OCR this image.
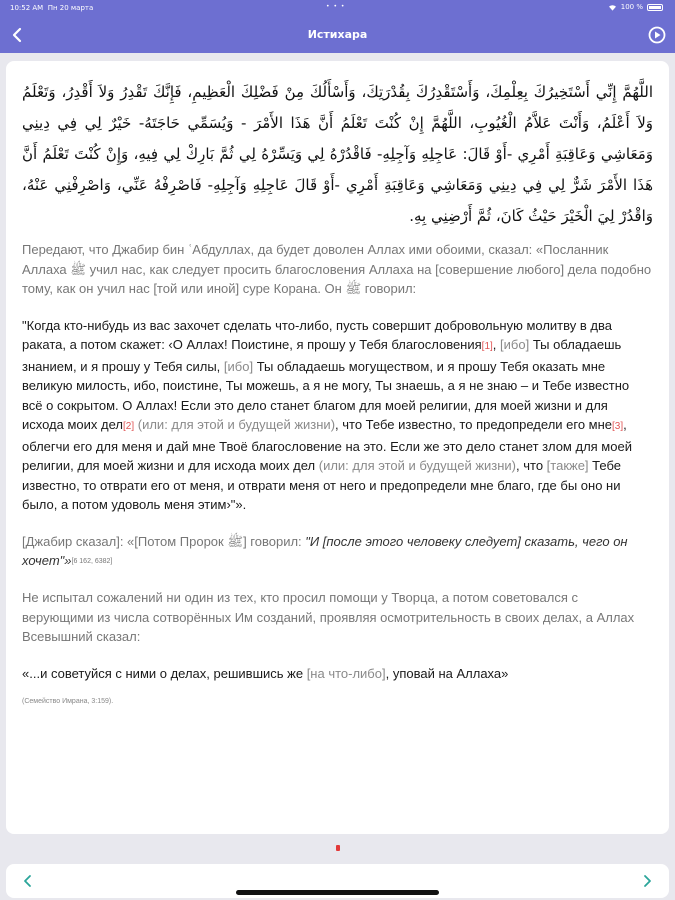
10:52 AM Пн 20 марта	• • •	100 %
Истихара
اللَّهُمَّ إِنِّي أَسْتَخِيرُكَ بِعِلْمِكَ، وَأَسْتَقْدِرُكَ بِقُدْرَتِكَ، وَأَسْأَلُكَ مِنْ فَضْلِكَ الْعَظِيمِ، فَإِنَّكَ تَقْدِرُ وَلاَ أَقْدِرُ، وَتَعْلَمُ وَلاَ أَعْلَمُ، وَأَنْتَ عَلاَّمُ الْغُيُوبِ، اللَّهُمَّ إِنْ كُنْتَ تَعْلَمُ أَنَّ هَذَا الأَمْرَ - وَيُسَمِّي حَاجَتَهُ- خَيْرٌ لِي فِي دِينِي وَمَعَاشِي وَعَاقِبَةِ أَمْرِي -أَوْ قَالَ: عَاجِلِهِ وَآجِلِهِ- فَاقْدُرْهُ لِي وَيَسِّرْهُ لِي ثُمَّ بَارِكْ لِي فِيهِ، وَإِنْ كُنْتَ تَعْلَمُ أَنَّ هَذَا الأَمْرَ شَرٌّ لِي فِي دِينِي وَمَعَاشِي وَعَاقِبَةِ أَمْرِي -أَوْ قَالَ عَاجِلِهِ وَآجِلِهِ- فَاصْرِفْهُ عَنِّي، وَاصْرِفْنِي عَنْهُ، وَاقْدُرْ لِيَ الْخَيْرَ حَيْثُ كَانَ، ثُمَّ أَرْضِنِي بِهِ.
Передают, что Джабир бин ʿАбдуллах, да будет доволен Аллах ими обоими, сказал: «Посланник Аллаха ﷺ учил нас, как следует просить благословения Аллаха на [совершение любого] дела подобно тому, как он учил нас [той или иной] суре Корана. Он ﷺ говорил:
"Когда кто-нибудь из вас захочет сделать что-либо, пусть совершит добровольную молитву в два раката, а потом скажет: ‹О Аллах! Поистине, я прошу у Тебя благословения[1], [ибо] Ты обладаешь знанием, и я прошу у Тебя силы, [ибо] Ты обладаешь могуществом, и я прошу Тебя оказать мне великую милость, ибо, поистине, Ты можешь, а я не могу, Ты знаешь, а я не знаю – и Тебе известно всё о сокрытом. О Аллах! Если это дело станет благом для моей религии, для моей жизни и для исхода моих дел[2] (или: для этой и будущей жизни), что Тебе известно, то предопредели его мне[3], облегчи его для меня и дай мне Твоё благословение на это. Если же это дело станет злом для моей религии, для моей жизни и для исхода моих дел (или: для этой и будущей жизни), что [также] Тебе известно, то отврати его от меня, и отврати меня от него и предопредели мне благо, где бы оно ни было, а потом удоволь меня этим›"».
[Джабир сказал]: «[Потом Пророк ﷺ] говорил: "И [после этого человеку следует] сказать, чего он хочет"»[6 162, 6382]
Не испытал сожалений ни один из тех, кто просил помощи у Творца, а потом советовался с верующими из числа сотворённых Им созданий, проявляя осмотрительность в своих делах, а Аллах Всевышний сказал:
«...и советуйся с ними о делах, решившись же [на что-либо], уповай на Аллаха»
(Семейство Имрана, 3:159).
